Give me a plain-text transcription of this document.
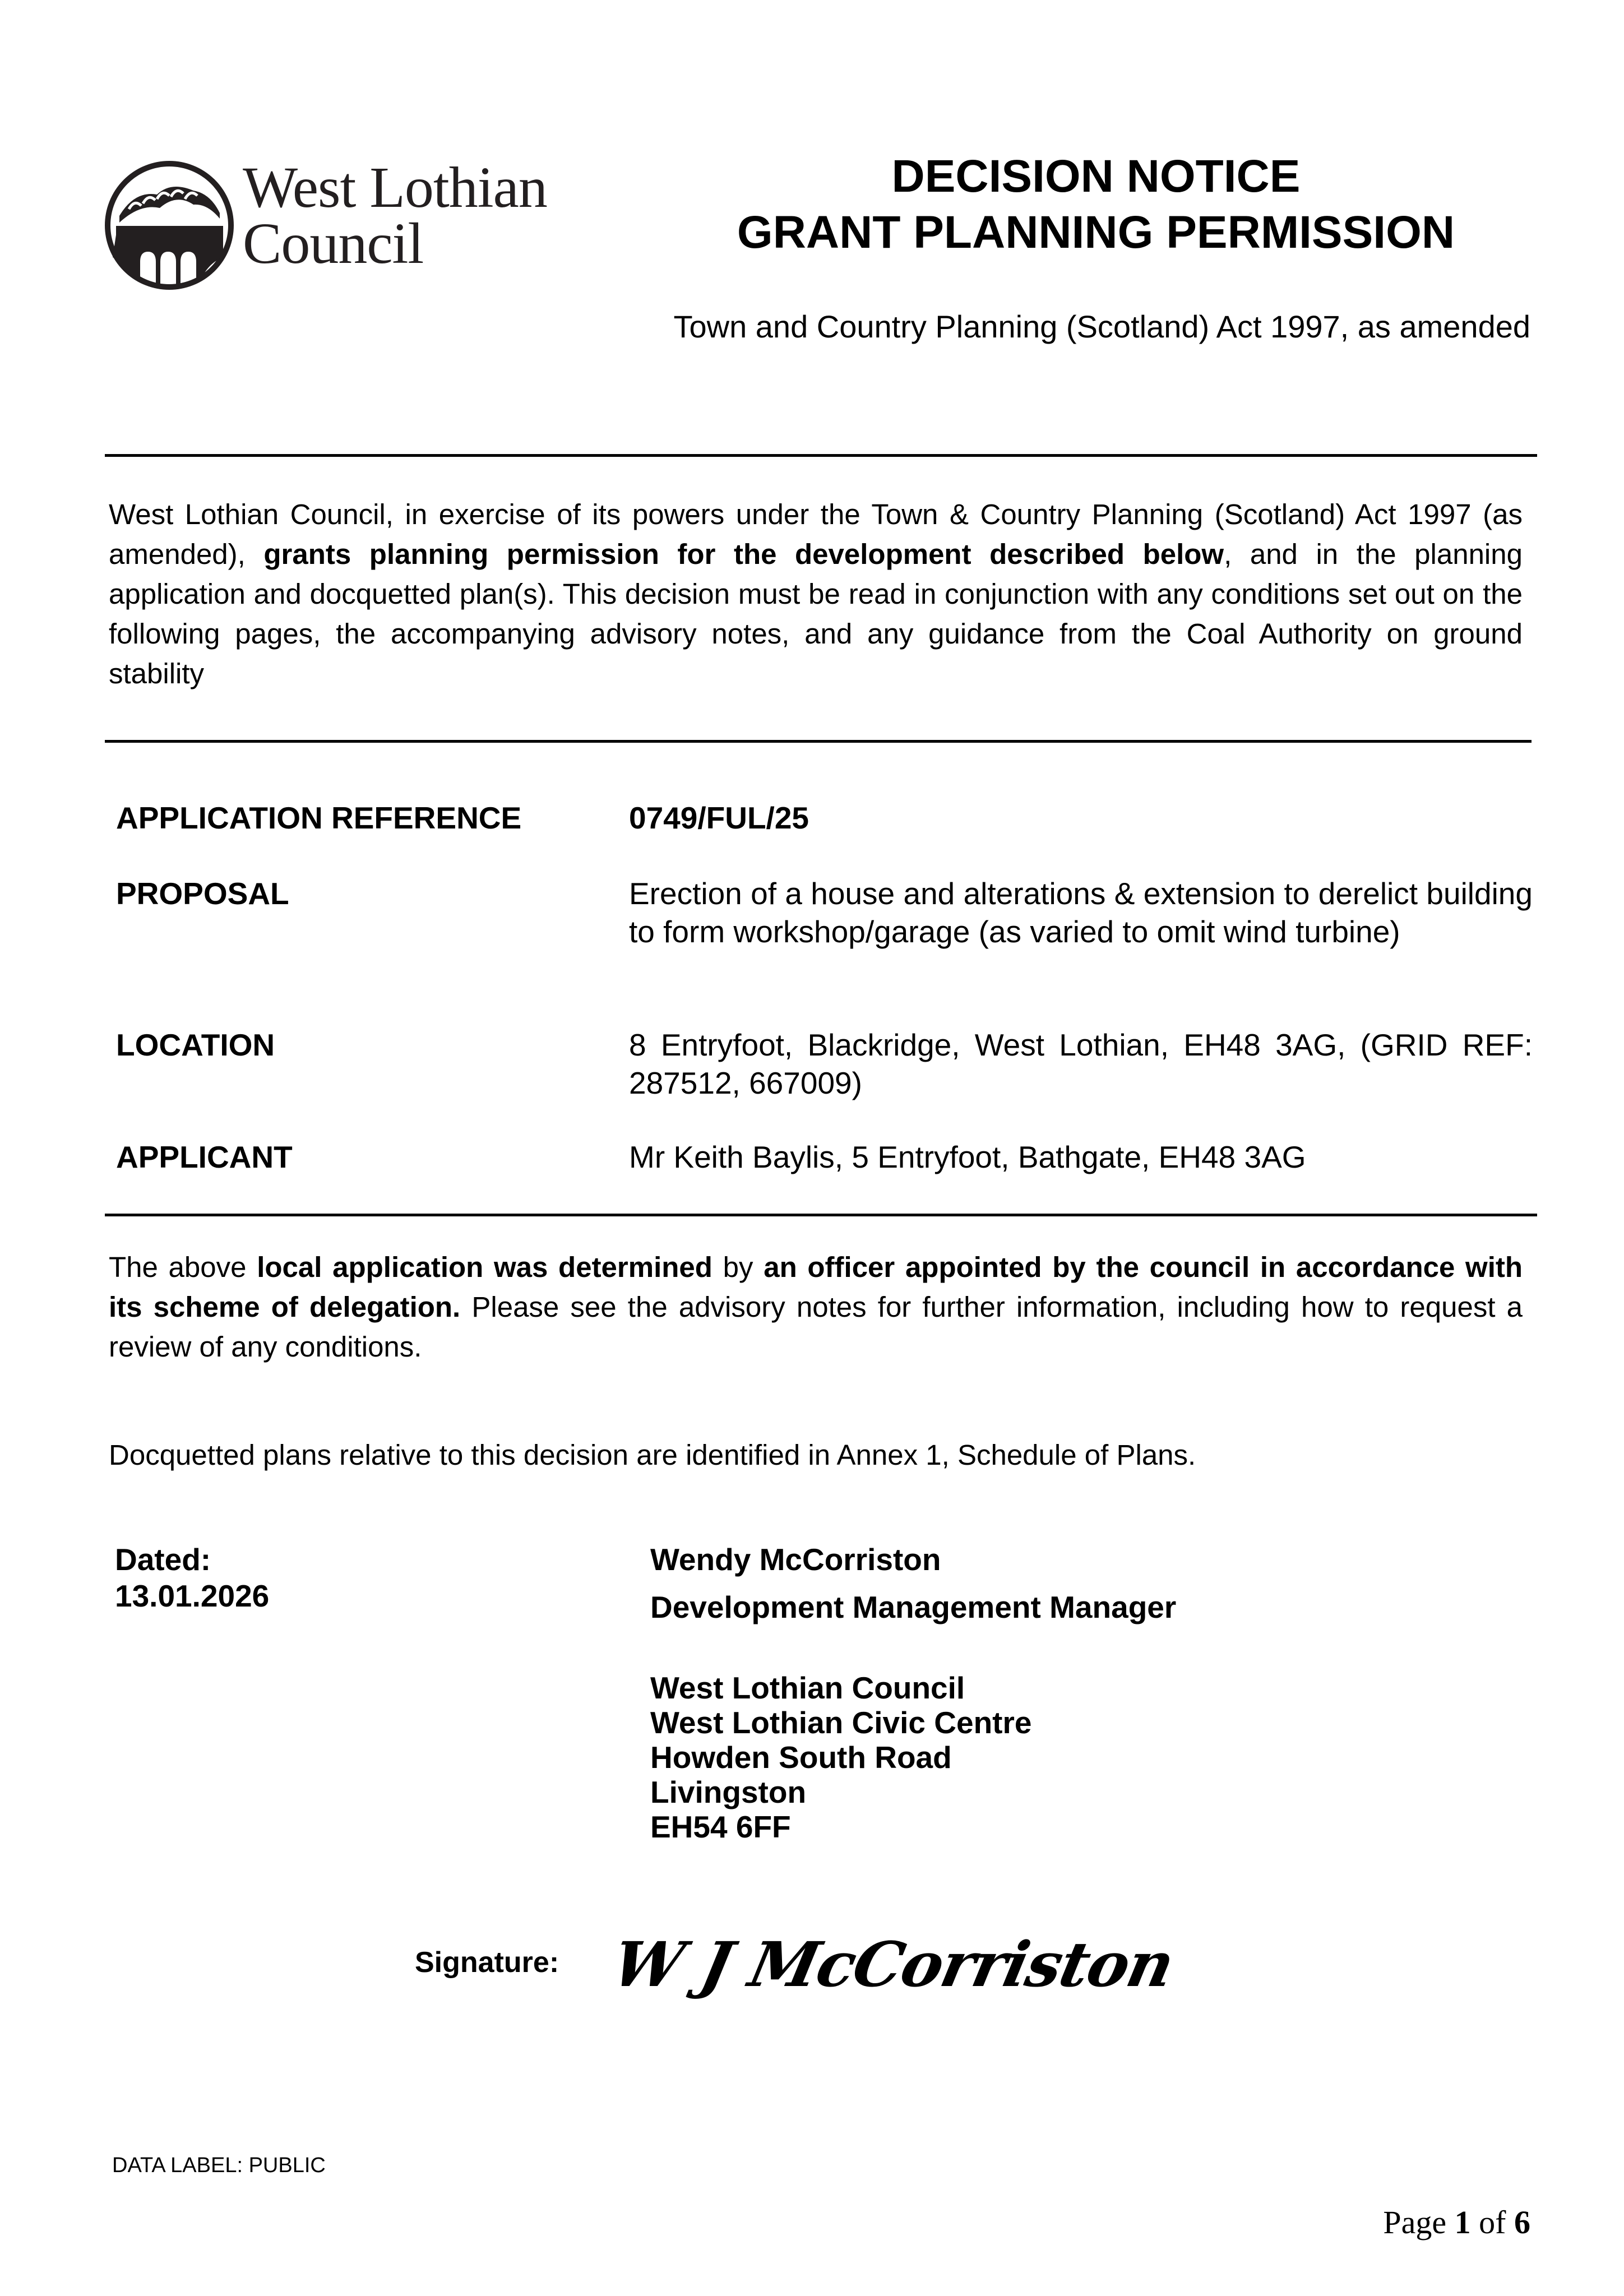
West Lothian
Council
DECISION NOTICE
GRANT PLANNING PERMISSION
Town and Country Planning (Scotland) Act 1997, as amended
West Lothian Council, in exercise of its powers under the Town & Country Planning (Scotland) Act 1997 (as amended), grants planning permission for the development described below, and in the planning application and docquetted plan(s). This decision must be read in conjunction with any conditions set out on the following pages, the accompanying advisory notes, and any guidance from the Coal Authority on ground stability
APPLICATION REFERENCE	0749/FUL/25
PROPOSAL	Erection of a house and alterations & extension to derelict building to form workshop/garage (as varied to omit wind turbine)
LOCATION	8 Entryfoot, Blackridge, West Lothian, EH48 3AG, (GRID REF: 287512, 667009)
APPLICANT	Mr Keith Baylis, 5 Entryfoot, Bathgate, EH48 3AG
The above local application was determined by an officer appointed by the council in accordance with its scheme of delegation. Please see the advisory notes for further information, including how to request a review of any conditions.
Docquetted plans relative to this decision are identified in Annex 1, Schedule of Plans.
Dated:
13.01.2026
Wendy McCorriston
Development Management Manager
West Lothian Council
West Lothian Civic Centre
Howden South Road
Livingston
EH54 6FF
Signature: W J McCorriston
DATA LABEL: PUBLIC
Page 1 of 6
